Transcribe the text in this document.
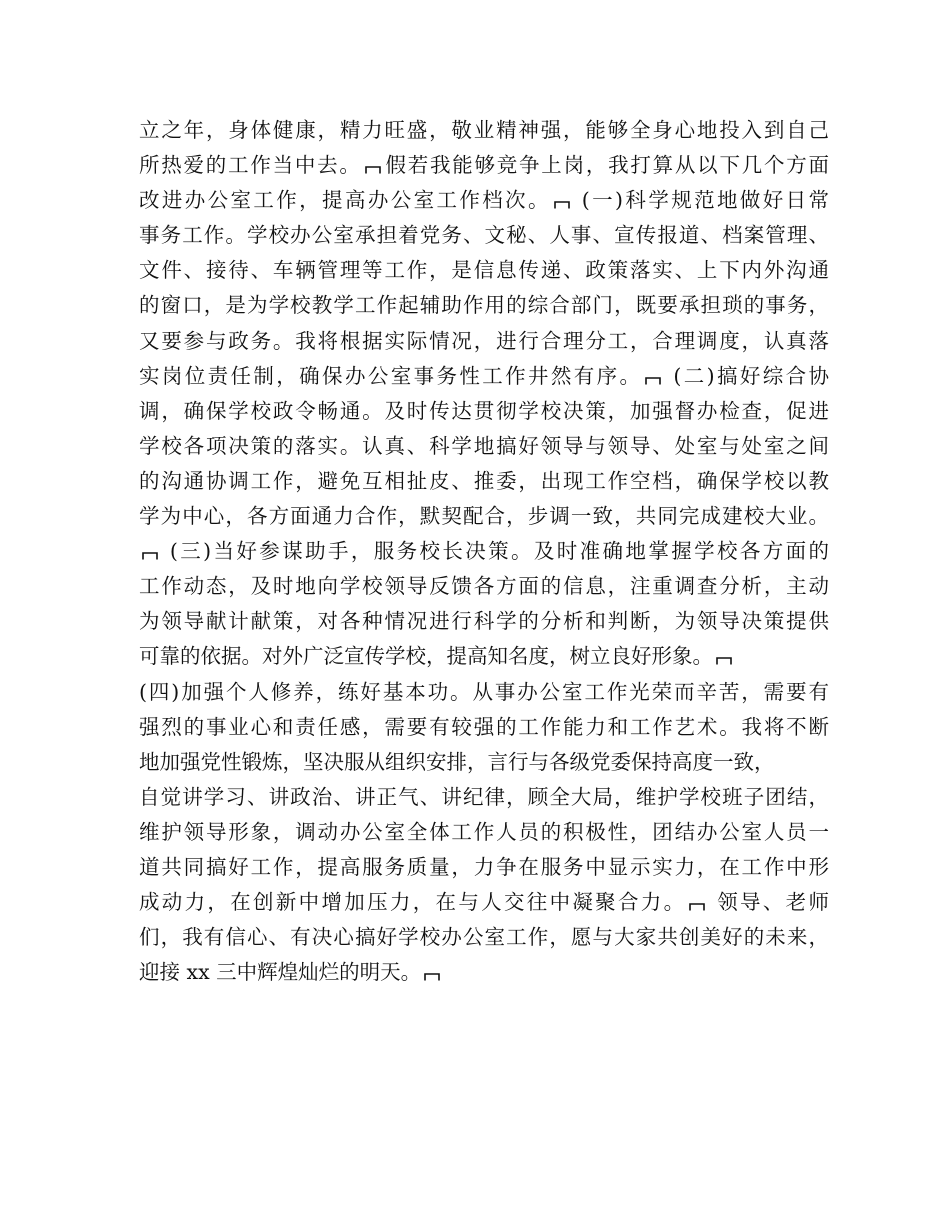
立之年，身体健康，精力旺盛，敬业精神强，能够全身心地投入到自己
所热爱的工作当中去。 假若我能够竞争上岗，我打算从以下几个方面
改进办公室工作，提高办公室工作档次。 (一)科学规范地做好日常
事务工作。学校办公室承担着党务、文秘、人事、宣传报道、档案管理、
文件、接待、车辆管理等工作，是信息传递、政策落实、上下内外沟通
的窗口，是为学校教学工作起辅助作用的综合部门，既要承担琐的事务，
又要参与政务。我将根据实际情况，进行合理分工，合理调度，认真落
实岗位责任制，确保办公室事务性工作井然有序。 (二)搞好综合协
调，确保学校政令畅通。及时传达贯彻学校决策，加强督办检查，促进
学校各项决策的落实。认真、科学地搞好领导与领导、处室与处室之间
的沟通协调工作，避免互相扯皮、推委，出现工作空档，确保学校以教
学为中心，各方面通力合作，默契配合，步调一致，共同完成建校大业。
(三)当好参谋助手，服务校长决策。及时准确地掌握学校各方面的
工作动态，及时地向学校领导反馈各方面的信息，注重调查分析，主动
为领导献计献策，对各种情况进行科学的分析和判断，为领导决策提供
可靠的依据。对外广泛宣传学校，提高知名度，树立良好形象。
(四)加强个人修养，练好基本功。从事办公室工作光荣而辛苦，需要有
强烈的事业心和责任感，需要有较强的工作能力和工作艺术。我将不断
地加强党性锻炼，坚决服从组织安排，言行与各级党委保持高度一致，
自觉讲学习、讲政治、讲正气、讲纪律，顾全大局，维护学校班子团结，
维护领导形象，调动办公室全体工作人员的积极性，团结办公室人员一
道共同搞好工作，提高服务质量，力争在服务中显示实力，在工作中形
成动力，在创新中增加压力，在与人交往中凝聚合力。 领导、老师
们，我有信心、有决心搞好学校办公室工作，愿与大家共创美好的未来，
迎接 xx 三中辉煌灿烂的明天。
